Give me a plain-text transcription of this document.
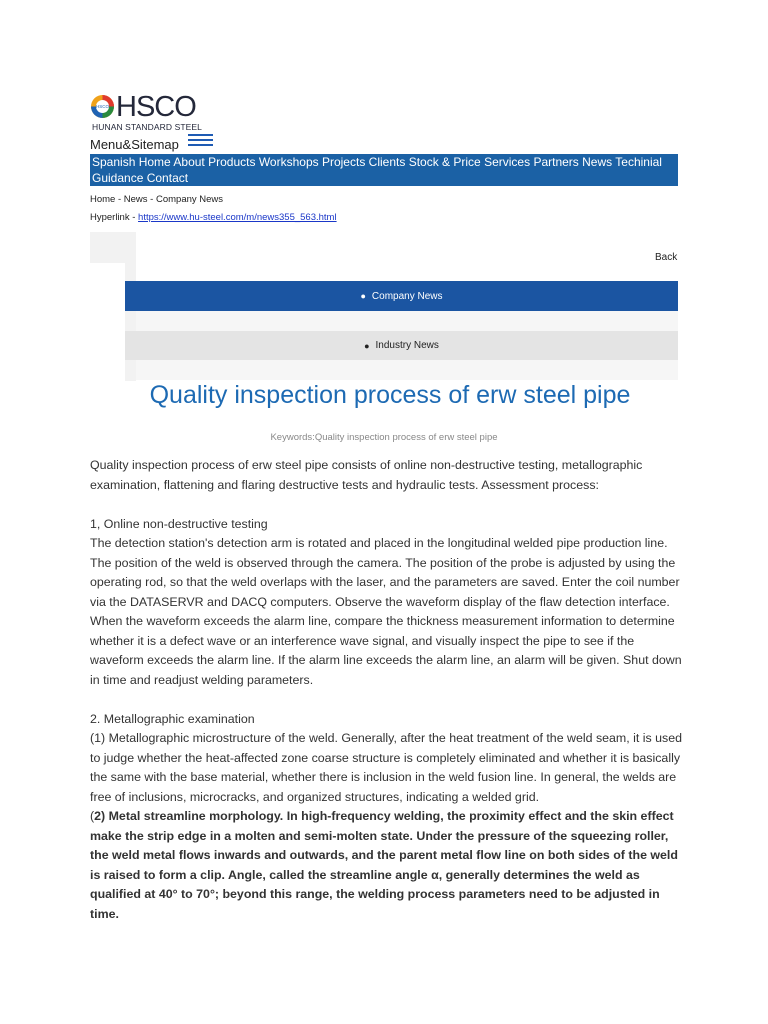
HSCO HSCO
HUNAN STANDARD STEEL
Menu&Sitemap
Spanish Home About Products Workshops Projects Clients Stock & Price Services Partners News Techinial Guidance Contact
Home - News - Company News
Hyperlink - https://www.hu-steel.com/m/news355_563.html
Back
● Company News
● Industry News
Quality inspection process of erw steel pipe
Keywords:Quality inspection process of erw steel pipe

Quality inspection process of erw steel pipe consists of online non-destructive testing, metallographic examination, flattening and flaring destructive tests and hydraulic tests. Assessment process:

1, Online non-destructive testing

The detection station's detection arm is rotated and placed in the longitudinal welded pipe production line. The position of the weld is observed through the camera. The position of the probe is adjusted by using the operating rod, so that the weld overlaps with the laser, and the parameters are saved. Enter the coil number via the DATASERVR and DACQ computers. Observe the waveform display of the flaw detection interface. When the waveform exceeds the alarm line, compare the thickness measurement information to determine whether it is a defect wave or an interference wave signal, and visually inspect the pipe to see if the waveform exceeds the alarm line. If the alarm line exceeds the alarm line, an alarm will be given. Shut down in time and readjust welding parameters.

2. Metallographic examination

(1) Metallographic microstructure of the weld. Generally, after the heat treatment of the weld seam, it is used to judge whether the heat-affected zone coarse structure is completely eliminated and whether it is basically the same with the base material, whether there is inclusion in the weld fusion line. In general, the welds are free of inclusions, microcracks, and organized structures, indicating a welded grid.

(2) Metal streamline morphology. In high-frequency welding, the proximity effect and the skin effect make the strip edge in a molten and semi-molten state. Under the pressure of the squeezing roller, the weld metal flows inwards and outwards, and the parent metal flow line on both sides of the weld is raised to form a clip. Angle, called the streamline angle α, generally determines the weld as qualified at 40° to 70°; beyond this range, the welding process parameters need to be adjusted in time.
